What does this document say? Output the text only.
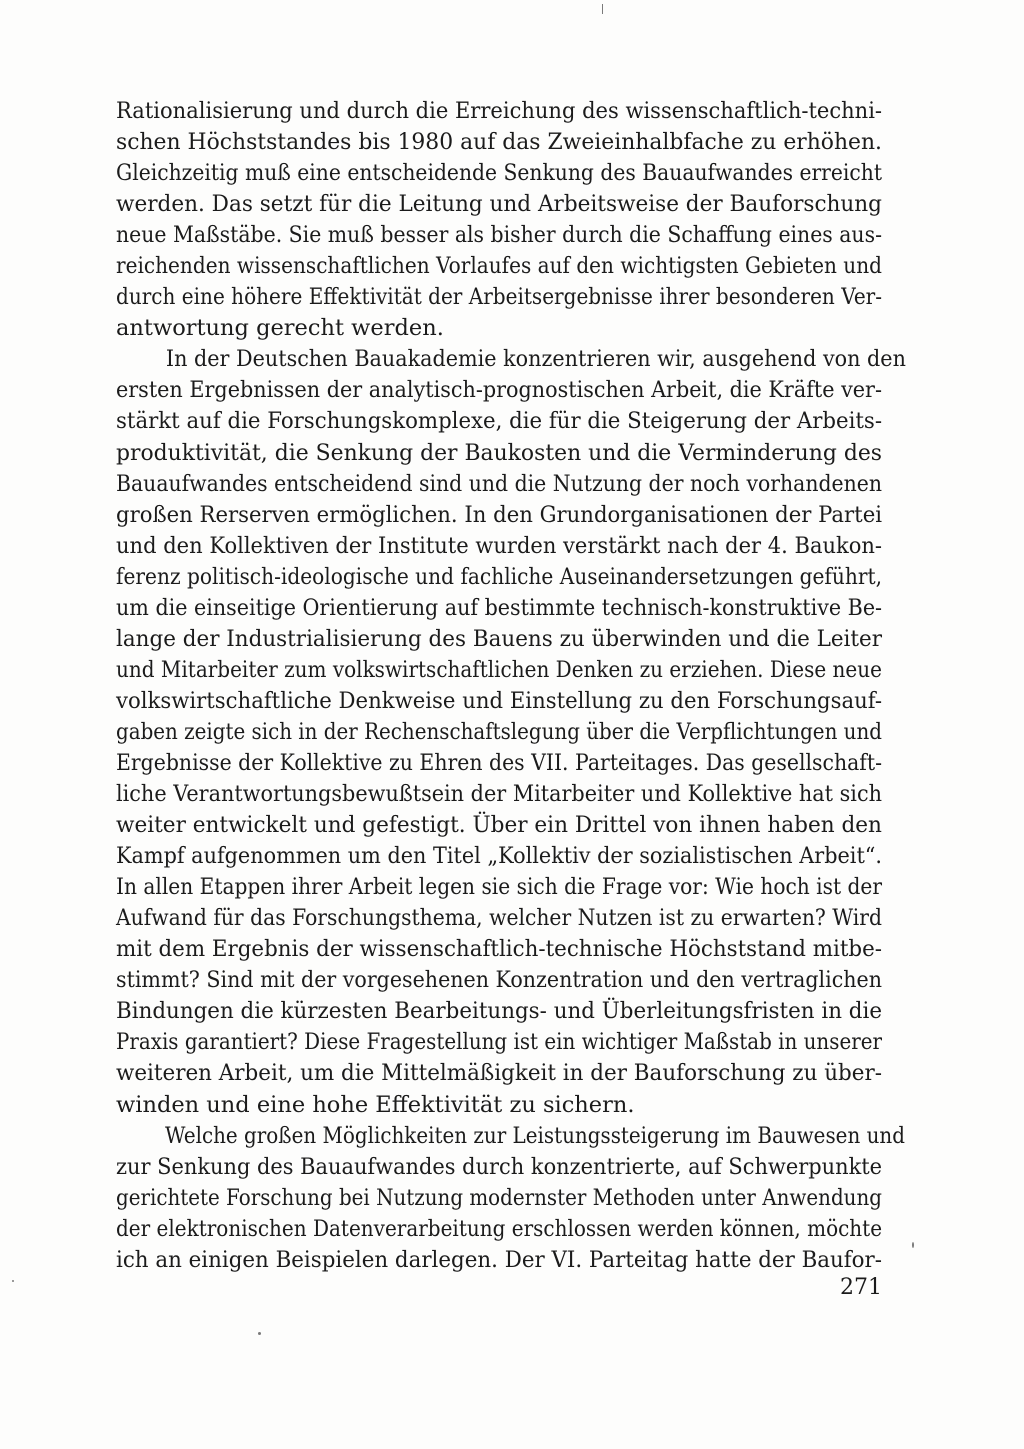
Rationalisierung und durch die Erreichung des wissenschaftlich-techni-
schen Höchststandes bis 1980 auf das Zweieinhalbfache zu erhöhen.
Gleichzeitig muß eine entscheidende Senkung des Bauaufwandes erreicht
werden. Das setzt für die Leitung und Arbeitsweise der Bauforschung
neue Maßstäbe. Sie muß besser als bisher durch die Schaffung eines aus-
reichenden wissenschaftlichen Vorlaufes auf den wichtigsten Gebieten und
durch eine höhere Effektivität der Arbeitsergebnisse ihrer besonderen Ver-
antwortung gerecht werden.
In der Deutschen Bauakademie konzentrieren wir, ausgehend von den
ersten Ergebnissen der analytisch-prognostischen Arbeit, die Kräfte ver-
stärkt auf die Forschungskomplexe, die für die Steigerung der Arbeits-
produktivität, die Senkung der Baukosten und die Verminderung des
Bauaufwandes entscheidend sind und die Nutzung der noch vorhandenen
großen Rerserven ermöglichen. In den Grundorganisationen der Partei
und den Kollektiven der Institute wurden verstärkt nach der 4. Baukon-
ferenz politisch-ideologische und fachliche Auseinandersetzungen geführt,
um die einseitige Orientierung auf bestimmte technisch-konstruktive Be-
lange der Industrialisierung des Bauens zu überwinden und die Leiter
und Mitarbeiter zum volkswirtschaftlichen Denken zu erziehen. Diese neue
volkswirtschaftliche Denkweise und Einstellung zu den Forschungsauf-
gaben zeigte sich in der Rechenschaftslegung über die Verpflichtungen und
Ergebnisse der Kollektive zu Ehren des VII. Parteitages. Das gesellschaft-
liche Verantwortungsbewußtsein der Mitarbeiter und Kollektive hat sich
weiter entwickelt und gefestigt. Über ein Drittel von ihnen haben den
Kampf aufgenommen um den Titel „Kollektiv der sozialistischen Arbeit“.
In allen Etappen ihrer Arbeit legen sie sich die Frage vor: Wie hoch ist der
Aufwand für das Forschungsthema, welcher Nutzen ist zu erwarten? Wird
mit dem Ergebnis der wissenschaftlich-technische Höchststand mitbe-
stimmt? Sind mit der vorgesehenen Konzentration und den vertraglichen
Bindungen die kürzesten Bearbeitungs- und Überleitungsfristen in die
Praxis garantiert? Diese Fragestellung ist ein wichtiger Maßstab in unserer
weiteren Arbeit, um die Mittelmäßigkeit in der Bauforschung zu über-
winden und eine hohe Effektivität zu sichern.
Welche großen Möglichkeiten zur Leistungssteigerung im Bauwesen und
zur Senkung des Bauaufwandes durch konzentrierte, auf Schwerpunkte
gerichtete Forschung bei Nutzung modernster Methoden unter Anwendung
der elektronischen Datenverarbeitung erschlossen werden können, möchte
ich an einigen Beispielen darlegen. Der VI. Parteitag hatte der Baufor-
271
